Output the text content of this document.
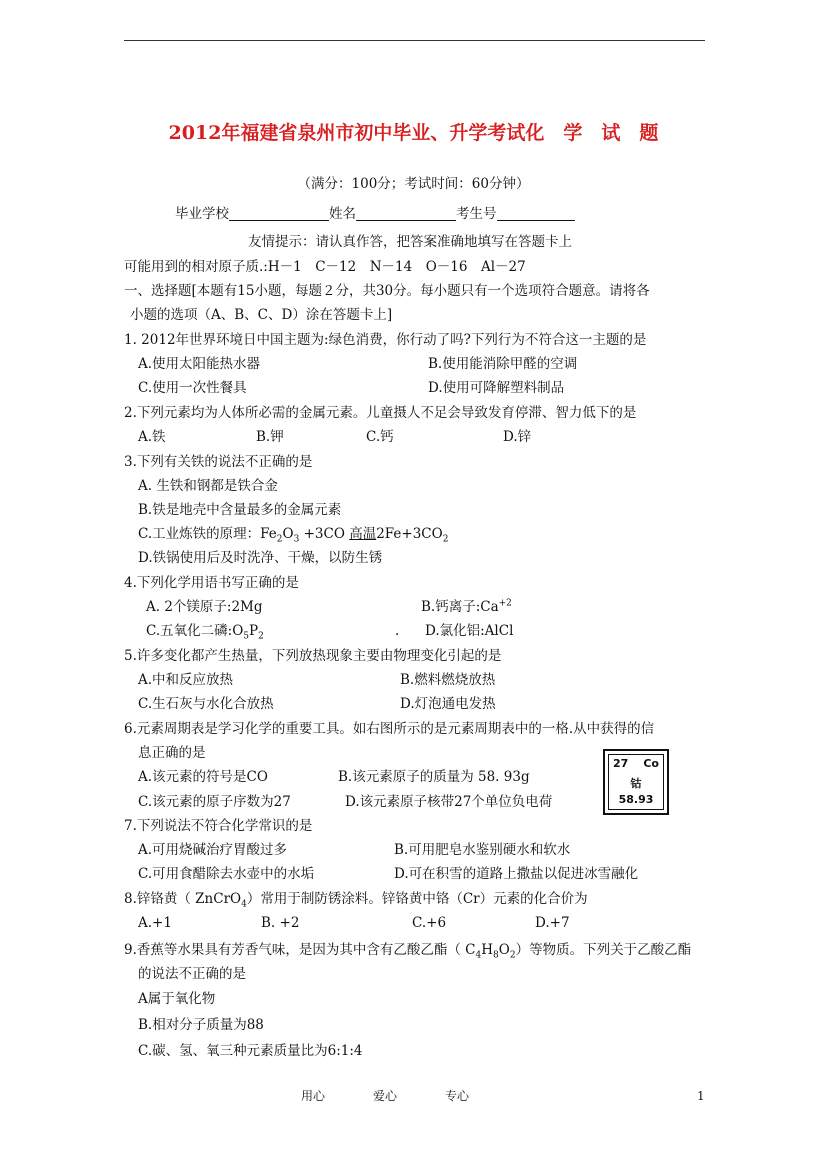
2012年福建省泉州市初中毕业、升学考试化　学　试　题
（满分：100分；考试时间：60分钟）
毕业学校	姓名	考生号
友情提示：请认真作答，把答案准确地填写在答题卡上
可能用到的相对原子质.:H－1　C－12　N－14　O－16　Al－27
一、选择题[本题有15小题，每题２分，共30分。每小题只有一个选项符合题意。请将各
小题的选项（A、B、C、D）涂在答题卡上]
1. 2012年世界环境日中国主题为:绿色消费，你行动了吗?下列行为不符合这一主题的是
A.使用太阳能热水器	B.使用能消除甲醛的空调
C.使用一次性餐具	D.使用可降解塑料制品
2.下列元素均为人体所必需的金属元素。儿童摄人不足会导致发育停滞、智力低下的是
A.铁	B.钾	C.钙	D.锌
3.下列有关铁的说法不正确的是
A. 生铁和钢都是铁合金
B.铁是地壳中含量最多的金属元素
C.工业炼铁的原理：$Fe_2O_3 +3CO$ 高温$2Fe+3CO_2$
D.铁锅使用后及时洗净、干燥，以防生锈
4.下列化学用语书写正确的是
A. 2个镁原子:2Mg	B.钙离子$:Ca^{+2}$
C.五氧化二磷$:O_5P_2$	. D.氯化铝:AlCl
5.许多变化都产生热量，下列放热现象主要由物理变化引起的是
A.中和反应放热	B.燃料燃烧放热
C.生石灰与水化合放热	D.灯泡通电发热
6.元素周期表是学习化学的重要工具。如右图所示的是元素周期表中的一格.从中获得的信
息正确的是
A.该元素的符号是CO	B.该元素原子的质量为 58. 93g
C.该元素的原子序数为27	D.该元素原子核带27个单位负电荷
27 Co
钴
58.93
7.下列说法不符合化学常识的是
A.可用烧碱治疗胃酸过多	B.可用肥皂水鉴别硬水和软水
C.可用食醋除去水壶中的水垢	D.可在积雪的道路上撒盐以促进冰雪融化
8.锌铬黄（ ZnCrO$_4$）常用于制防锈涂料。锌铬黄中铬（Cr）元素的化合价为
A.+1	B. +2	C.+6	D.+7
9.香蕉等水果具有芳香气味，是因为其中含有乙酸乙酯（ $C_4H_8O_2$）等物质。下列关于乙酸乙酯
的说法不正确的是
A属于氧化物
B.相对分子质量为88
C.碳、氢、氧三种元素质量比为6:1:4
用心	爱心	专心	1
